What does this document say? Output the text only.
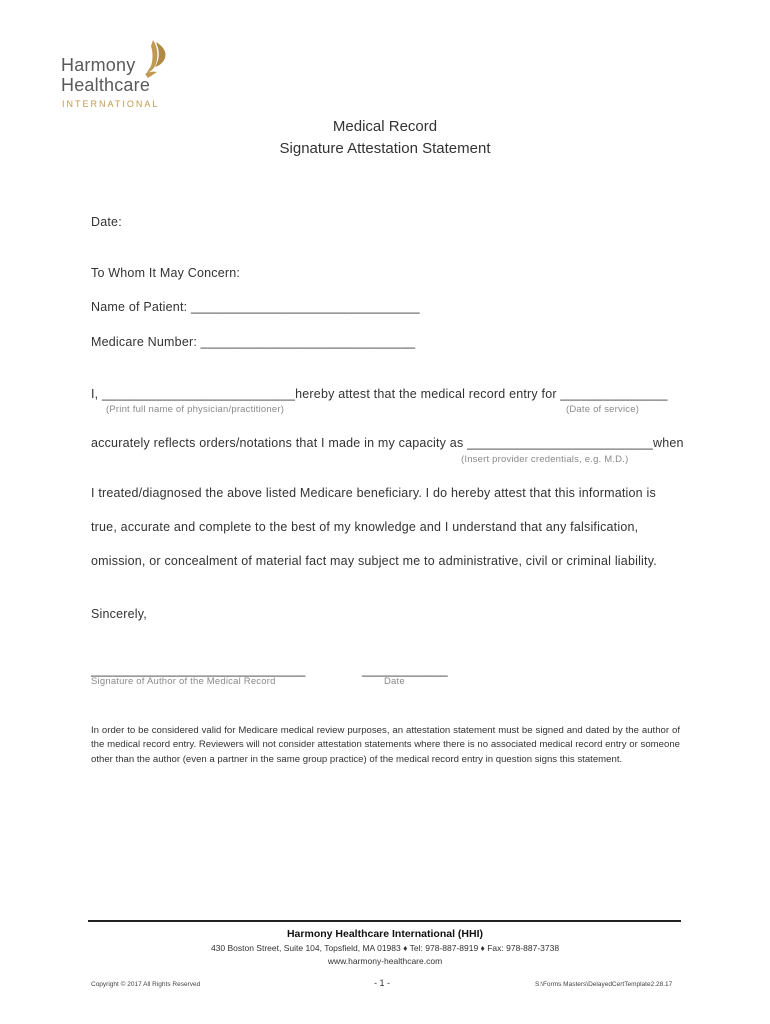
Harmony
Healthcare
INTERNATIONAL
Medical Record
Signature Attestation Statement
Date:
To Whom It May Concern:
Name of Patient: ________________________________
Medicare Number: ______________________________
I, ___________________________hereby attest that the medical record entry for _______________
(Print full name of physician/practitioner)	(Date of service)
accurately reflects orders/notations that I made in my capacity as __________________________when
(Insert provider credentials, e.g. M.D.)
I treated/diagnosed the above listed Medicare beneficiary. I do hereby attest that this information is
true, accurate and complete to the best of my knowledge and I understand that any falsification,
omission, or concealment of material fact may subject me to administrative, civil or criminal liability.
Sincerely,
______________________________
Signature of Author of the Medical Record
____________
Date
In order to be considered valid for Medicare medical review purposes, an attestation statement must be signed and dated by the author of the medical record entry. Reviewers will not consider attestation statements where there is no associated medical record entry or someone other than the author (even a partner in the same group practice) of the medical record entry in question signs this statement.
Harmony Healthcare International (HHI)
430 Boston Street, Suite 104, Topsfield, MA 01983 ♦ Tel: 978-887-8919 ♦ Fax: 978-887-3738
www.harmony-healthcare.com
Copyright © 2017 All Rights Reserved	- 1 -	S:\Forms Masters\DelayedCertTemplate2.28.17
